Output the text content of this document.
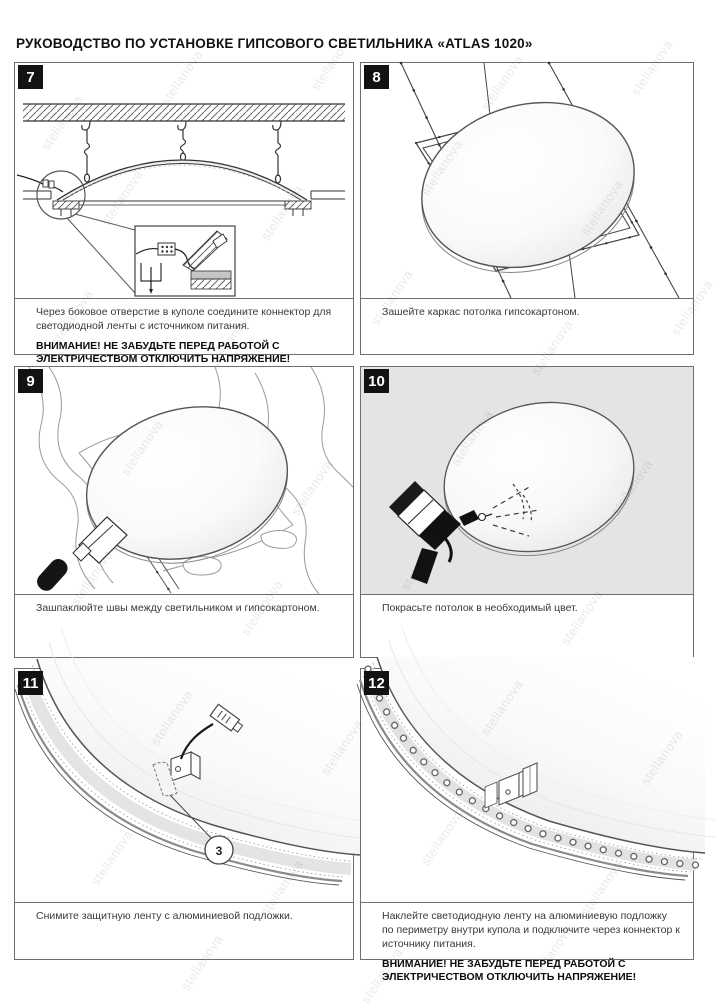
РУКОВОДСТВО ПО УСТАНОВКЕ ГИПСОВОГО СВЕТИЛЬНИКА «ATLAS 1020»
7

Через боковое отверстие в куполе соедините коннектор для светодиодной ленты с источником питания.

ВНИМАНИЕ! НЕ ЗАБУДЬТЕ ПЕРЕД РАБОТОЙ С ЭЛЕКТРИЧЕСТВОМ ОТКЛЮЧИТЬ НАПРЯЖЕНИЕ!

8

Зашейте каркас потолка гипсокартоном.

9

Зашпаклюйте швы между светильником и гипсокартоном.

10

Покрасьте потолок в необходимый цвет.

11
3

Снимите защитную ленту с алюминиевой подложки.

12

Наклейте светодиодную ленту на алюминиевую подложку по периметру внутри купола и подключите через коннектор к источнику питания.

ВНИМАНИЕ! НЕ ЗАБУДЬТЕ ПЕРЕД РАБОТОЙ С ЭЛЕКТРИЧЕСТВОМ ОТКЛЮЧИТЬ НАПРЯЖЕНИЕ!

stellanova	stellanova
